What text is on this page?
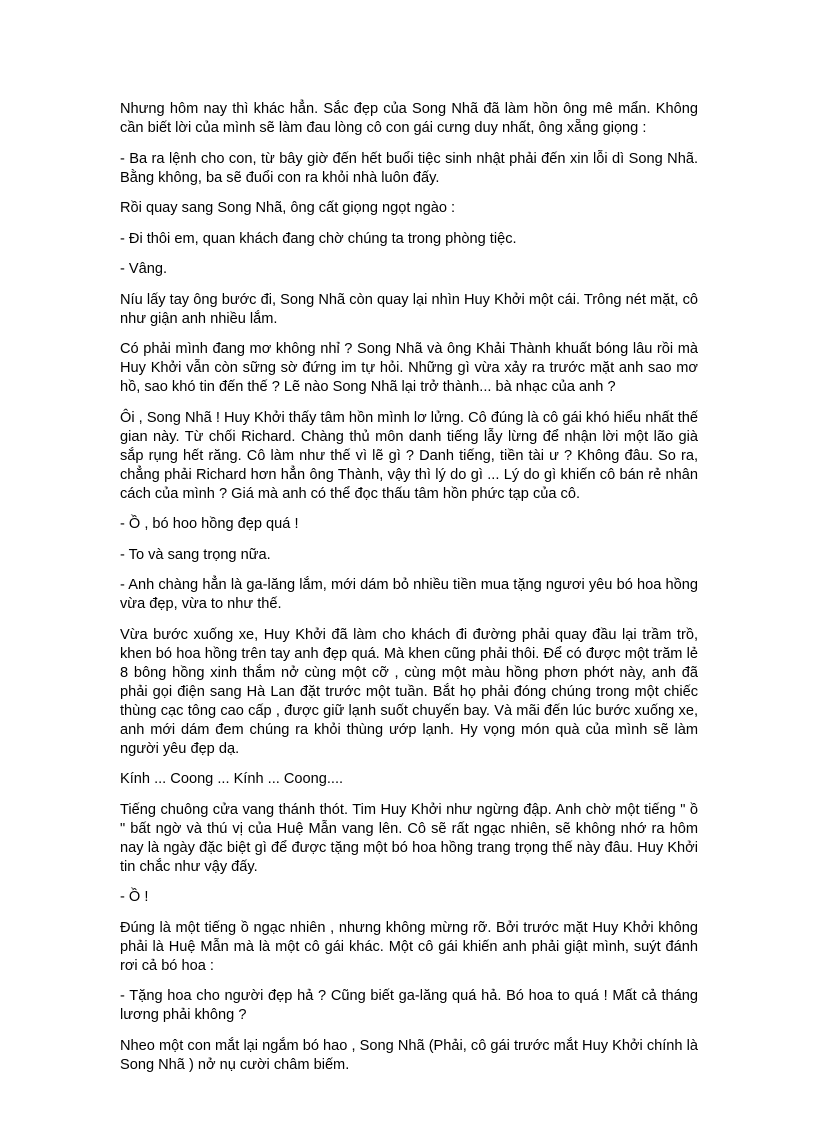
Nhưng hôm nay thì khác hẳn. Sắc đẹp của Song Nhã đã làm hồn ông mê mẩn. Không cần biết lời của mình sẽ làm đau lòng cô con gái cưng duy nhất, ông xẵng giọng :

- Ba ra lệnh cho con, từ bây giờ đến hết buổi tiệc sinh nhật phải đến xin lỗi dì Song Nhã. Bằng không, ba sẽ đuổi con ra khỏi nhà luôn đấy.

Rồi quay sang Song Nhã, ông cất giọng ngọt ngào :

- Đi thôi em, quan khách đang chờ chúng ta trong phòng tiệc.

- Vâng.

Níu lấy tay ông bước đi, Song Nhã còn quay lại nhìn Huy Khởi một cái. Trông nét mặt, cô như giận anh nhiều lắm.

Có phải mình đang mơ không nhỉ ? Song Nhã và ông Khải Thành khuất bóng lâu rồi mà Huy Khởi vẫn còn sững sờ đứng im tự hỏi. Những gì vừa xảy ra trước mặt anh sao mơ hồ, sao khó tin đến thế ? Lẽ nào Song Nhã lại trở thành... bà nhạc của anh ?

Ôi , Song Nhã ! Huy Khởi thấy tâm hồn mình lơ lửng. Cô đúng là cô gái khó hiểu nhất thế gian này. Từ chối Richard. Chàng thủ môn danh tiếng lẫy lừng để nhận lời một lão già sắp rụng hết răng. Cô làm như thế vì lẽ gì ? Danh tiếng, tiền tài ư ? Không đâu. So ra, chẳng phải Richard hơn hẳn ông Thành, vậy thì lý do gì ... Lý do gì khiến cô bán rẻ nhân cách của mình ? Giá mà anh có thể đọc thấu tâm hồn phức tạp của cô.

- Ồ , bó hoo hồng đẹp quá !

- To và sang trọng nữa.

- Anh chàng hẳn là ga-lăng lắm, mới dám bỏ nhiều tiền mua tặng ngươi yêu bó hoa hồng vừa đẹp, vừa to như thế.

Vừa bước xuống xe, Huy Khởi đã làm cho khách đi đường phải quay đầu lại trầm trồ, khen bó hoa hồng trên tay anh đẹp quá. Mà khen cũng phải thôi. Để có được một trăm lẻ 8 bông hồng xinh thắm nở cùng một cỡ , cùng một màu hồng phơn phớt này, anh đã phải gọi điện sang Hà Lan đặt trước một tuần. Bắt họ phải đóng chúng trong một chiếc thùng cạc tông cao cấp , được giữ lạnh suốt chuyến bay. Và mãi đến lúc bước xuống xe, anh mới dám đem chúng ra khỏi thùng ướp lạnh. Hy vọng món quà của mình sẽ làm người yêu đẹp dạ.

Kính ... Coong ... Kính ... Coong....

Tiếng chuông cửa vang thánh thót. Tim Huy Khởi như ngừng đập. Anh chờ một tiếng " ồ " bất ngờ và thú vị của Huệ Mẫn vang lên. Cô sẽ rất ngạc nhiên, sẽ không nhớ ra hôm nay là ngày đặc biệt gì để được tặng một bó hoa hồng trang trọng thế này đâu. Huy Khởi tin chắc như vậy đấy.

- Ồ !

Đúng là một tiếng ồ ngạc nhiên , nhưng không mừng rỡ. Bởi trước mặt Huy Khởi không phải là Huệ Mẫn mà là một cô gái khác. Một cô gái khiến anh phải giật mình, suýt đánh rơi cả bó hoa :

- Tặng hoa cho người đẹp hả ? Cũng biết ga-lăng quá hả. Bó hoa to quá ! Mất cả tháng lương phải không ?

Nheo một con mắt lại ngắm bó hao , Song Nhã (Phải, cô gái trước mắt Huy Khởi chính là Song Nhã ) nở nụ cười châm biếm.
